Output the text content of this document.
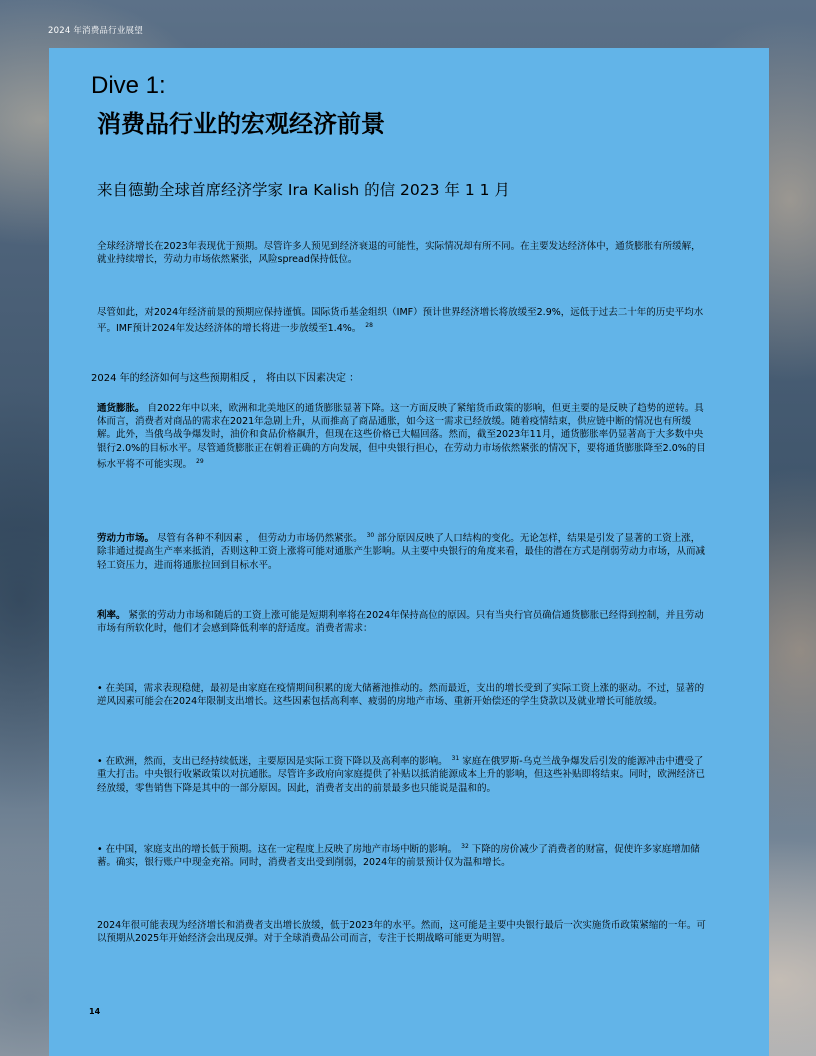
2024 年消费品行业展望
Dive 1:
消费品行业的宏观经济前景
来自德勤全球首席经济学家 Ira Kalish 的信 2023 年 1 1 月
全球经济增长在2023年表现优于预期。尽管许多人预见到经济衰退的可能性，实际情况却有所不同。在主要发达经济体中，通货膨胀有所缓解，就业持续增长，劳动力市场依然紧张，风险spread保持低位。
尽管如此，对2024年经济前景的预期应保持谨慎。国际货币基金组织（IMF）预计世界经济增长将放缓至2.9%，远低于过去二十年的历史平均水平。IMF预计2024年发达经济体的增长将进一步放缓至1.4%。 $^{28}$
2024 年的经济如何与这些预期相反 ， 将由以下因素决定 ：
通货膨胀。 自2022年中以来，欧洲和北美地区的通货膨胀显著下降。这一方面反映了紧缩货币政策的影响，但更主要的是反映了趋势的逆转。具体而言，消费者对商品的需求在2021年急剧上升，从而推高了商品通胀，如今这一需求已经放缓。随着疫情结束，供应链中断的情况也有所缓解。此外，当俄乌战争爆发时，油价和食品价格飙升，但现在这些价格已大幅回落。然而，截至2023年11月，通货膨胀率仍显著高于大多数中央银行2.0%的目标水平。尽管通货膨胀正在朝着正确的方向发展，但中央银行担心，在劳动力市场依然紧张的情况下，要将通货膨胀降至2.0%的目标水平将不可能实现。 $^{29}$
劳动力市场。 尽管有各种不利因素 ， 但劳动力市场仍然紧张。 $^{30}$ 部分原因反映了人口结构的变化。无论怎样，结果是引发了显著的工资上涨，除非通过提高生产率来抵消，否则这种工资上涨将可能对通胀产生影响。从主要中央银行的角度来看，最佳的潜在方式是削弱劳动力市场，从而减轻工资压力，进而将通胀拉回到目标水平。
利率。 紧张的劳动力市场和随后的工资上涨可能是短期利率将在2024年保持高位的原因。只有当央行官员确信通货膨胀已经得到控制，并且劳动市场有所软化时，他们才会感到降低利率的舒适度。消费者需求：
• 在美国，需求表现稳健，最初是由家庭在疫情期间积累的庞大储蓄池推动的。然而最近，支出的增长受到了实际工资上涨的驱动。不过，显著的逆风因素可能会在2024年限制支出增长。这些因素包括高利率、疲弱的房地产市场、重新开始偿还的学生贷款以及就业增长可能放缓。
• 在欧洲，然而，支出已经持续低迷，主要原因是实际工资下降以及高利率的影响。 $^{31}$ 家庭在俄罗斯-乌克兰战争爆发后引发的能源冲击中遭受了重大打击。中央银行收紧政策以对抗通胀。尽管许多政府向家庭提供了补贴以抵消能源成本上升的影响，但这些补贴即将结束。同时，欧洲经济已经放缓，零售销售下降是其中的一部分原因。因此，消费者支出的前景最多也只能说是温和的。
• 在中国，家庭支出的增长低于预期。这在一定程度上反映了房地产市场中断的影响。 $^{32}$ 下降的房价减少了消费者的财富，促使许多家庭增加储蓄。确实，银行账户中现金充裕。同时，消费者支出受到削弱，2024年的前景预计仅为温和增长。
2024年很可能表现为经济增长和消费者支出增长放缓，低于2023年的水平。然而，这可能是主要中央银行最后一次实施货币政策紧缩的一年。可以预期从2025年开始经济会出现反弹。对于全球消费品公司而言，专注于长期战略可能更为明智。
14
